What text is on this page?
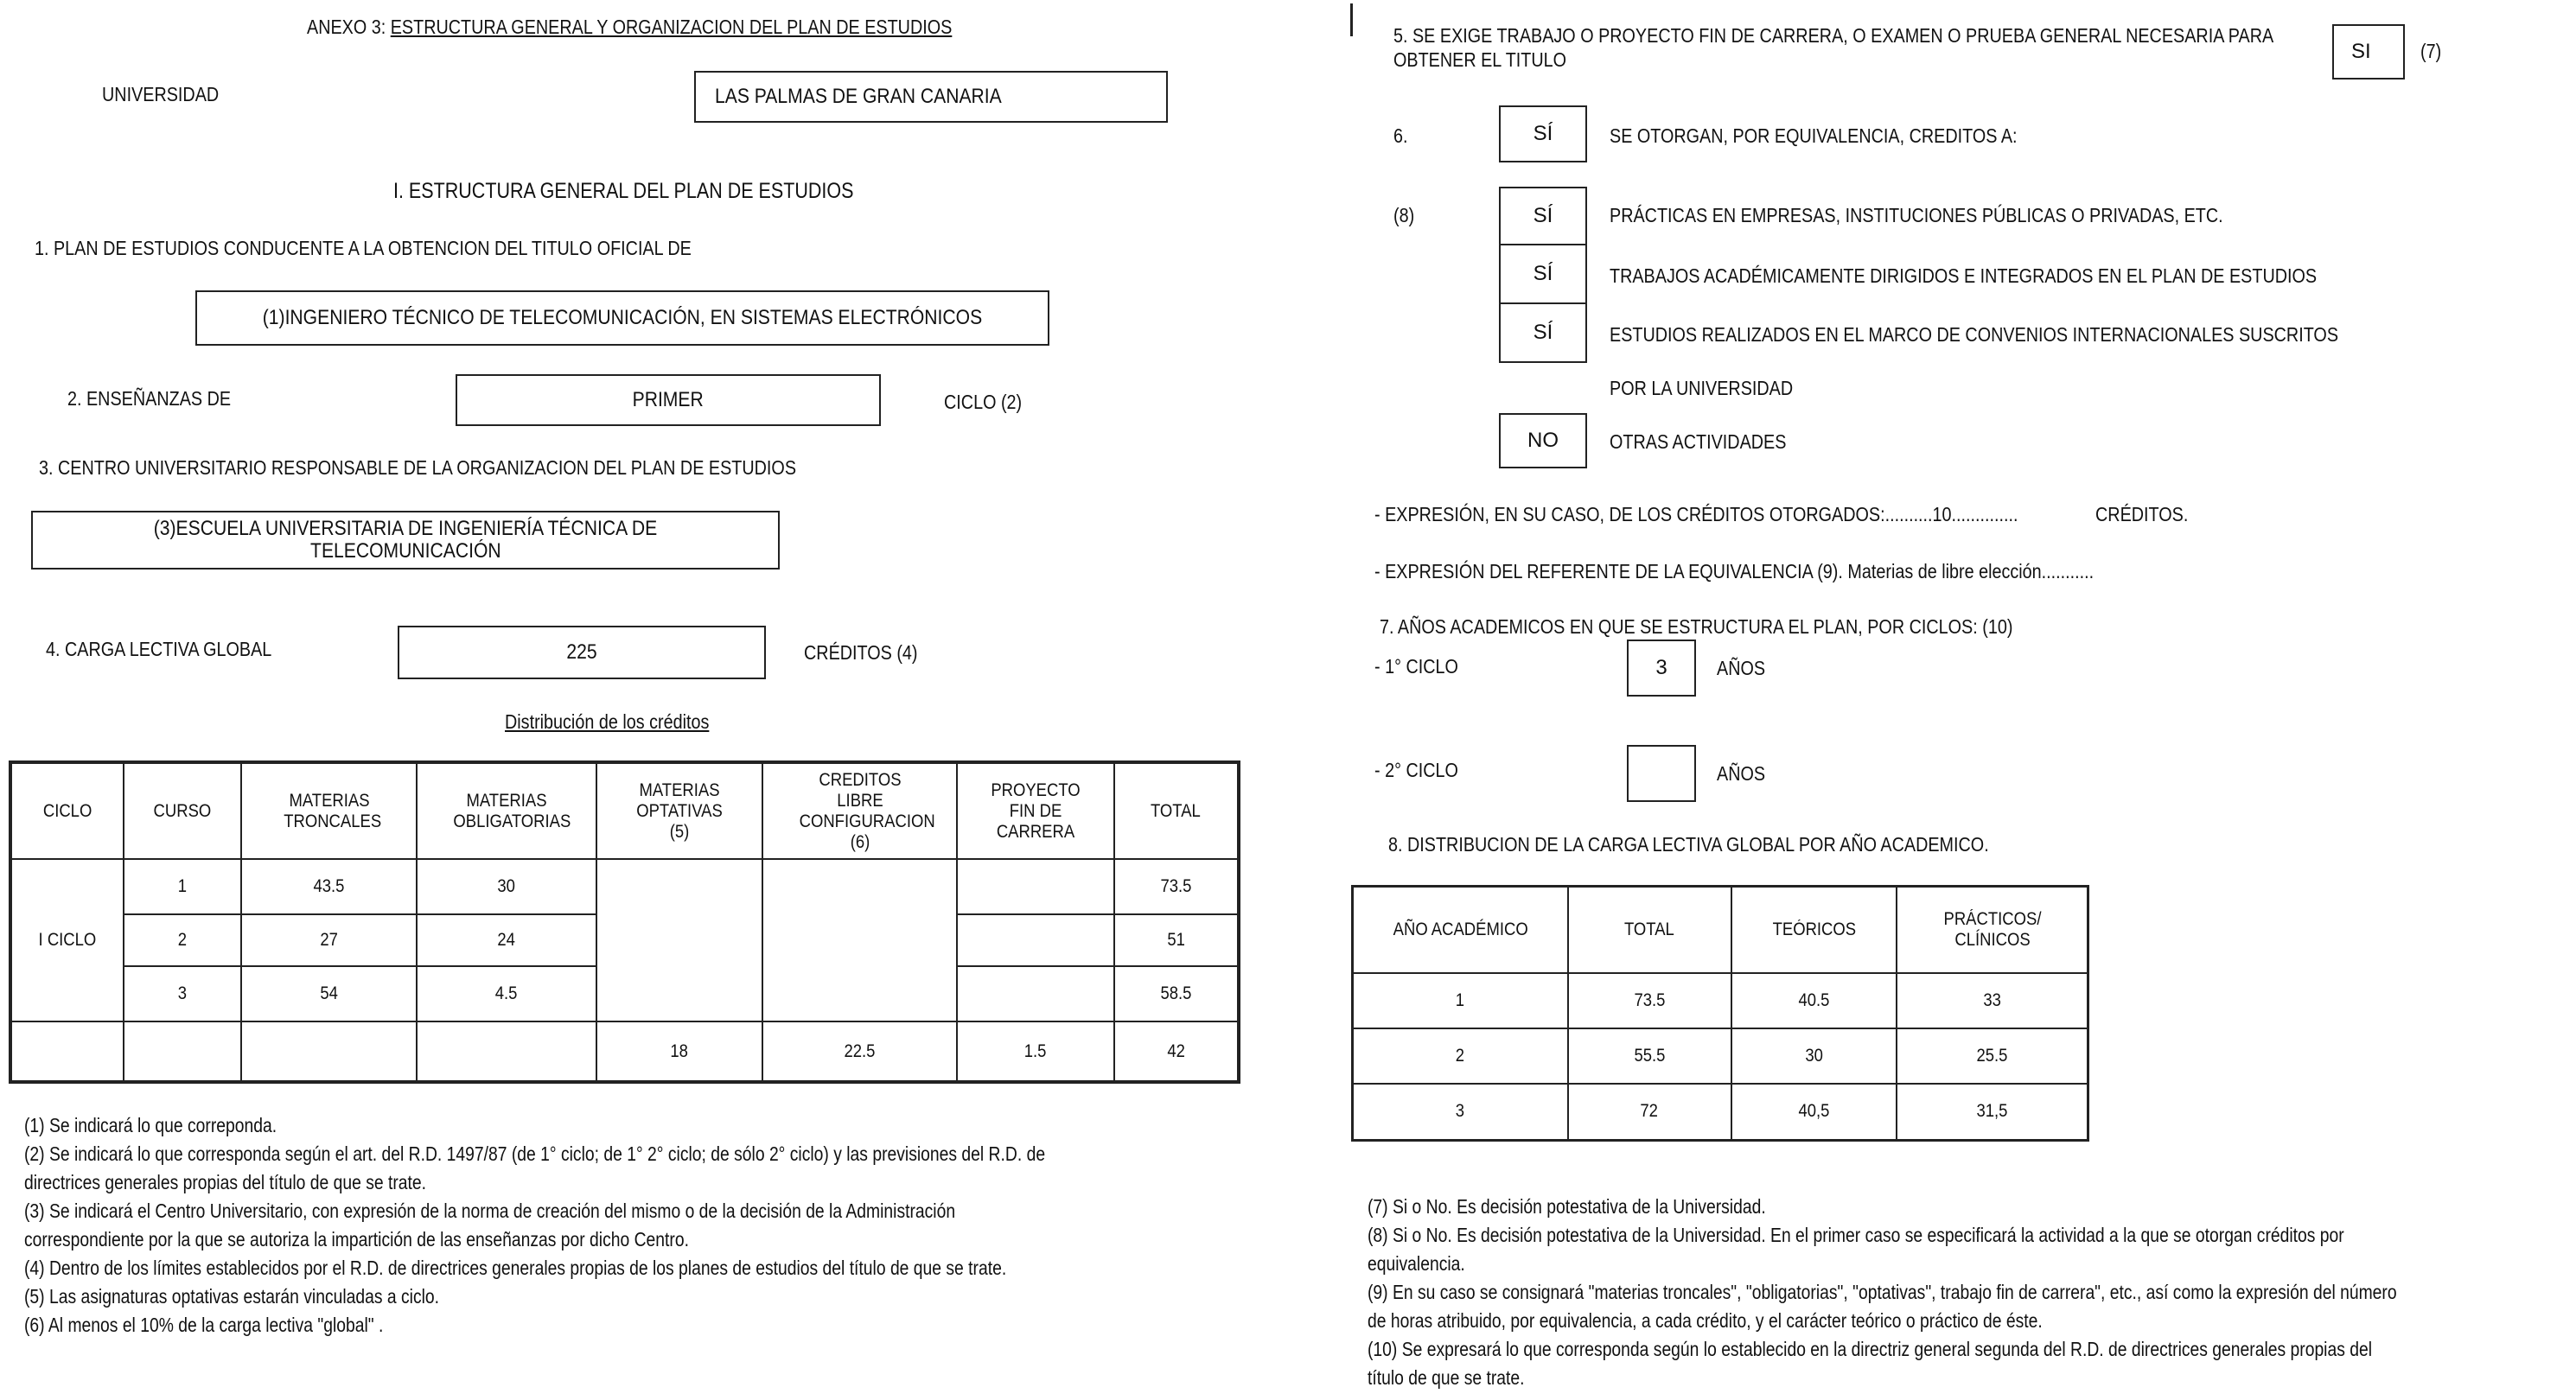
ANEXO 3: ESTRUCTURA GENERAL Y ORGANIZACION DEL PLAN DE ESTUDIOS
UNIVERSIDAD	LAS PALMAS DE GRAN CANARIA
I. ESTRUCTURA GENERAL DEL PLAN DE ESTUDIOS
1. PLAN DE ESTUDIOS CONDUCENTE A LA OBTENCION DEL TITULO OFICIAL DE
(1)INGENIERO TÉCNICO DE TELECOMUNICACIÓN, EN SISTEMAS ELECTRÓNICOS
2. ENSEÑANZAS DE	PRIMER	CICLO (2)
3. CENTRO UNIVERSITARIO RESPONSABLE DE LA ORGANIZACION DEL PLAN DE ESTUDIOS
(3)ESCUELA UNIVERSITARIA DE INGENIERÍA TÉCNICA DE
TELECOMUNICACIÓN
4. CARGA LECTIVA GLOBAL	225	CRÉDITOS (4)
Distribución de los créditos
CICLO	CURSO	MATERIAS TRONCALES	MATERIAS OBLIGATORIAS	MATERIAS OPTATIVAS (5)	CREDITOS LIBRE CONFIGURACION (6)	PROYECTO FIN DE CARRERA	TOTAL
I CICLO	1	43.5	30				73.5
	2	27	24				51
	3	54	4.5				58.5
				18	22.5	1.5	42
(1) Se indicará lo que correponda.
(2) Se indicará lo que corresponda según el art. del R.D. 1497/87 (de 1° ciclo; de 1° 2° ciclo; de sólo 2° ciclo) y las previsiones del R.D. de
directrices generales propias del título de que se trate.
(3) Se indicará el Centro Universitario, con expresión de la norma de creación del mismo o de la decisión de la Administración
correspondiente por la que se autoriza la impartición de las enseñanzas por dicho Centro.
(4) Dentro de los límites establecidos por el R.D. de directrices generales propias de los planes de estudios del título de que se trate.
(5) Las asignaturas optativas estarán vinculadas a ciclo.
(6) Al menos el 10% de la carga lectiva "global" .
5. SE EXIGE TRABAJO O PROYECTO FIN DE CARRERA, O EXAMEN O PRUEBA GENERAL NECESARIA PARA
OBTENER EL TITULO	SI (7)
6.	SÍ	SE OTORGAN, POR EQUIVALENCIA, CREDITOS A:
(8)	SÍ	PRÁCTICAS EN EMPRESAS, INSTITUCIONES PÚBLICAS O PRIVADAS, ETC.
SÍ	TRABAJOS ACADÉMICAMENTE DIRIGIDOS E INTEGRADOS EN EL PLAN DE ESTUDIOS
SÍ	ESTUDIOS REALIZADOS EN EL MARCO DE CONVENIOS INTERNACIONALES SUSCRITOS
POR LA UNIVERSIDAD
NO	OTRAS ACTIVIDADES
- EXPRESIÓN, EN SU CASO, DE LOS CRÉDITOS OTORGADOS:..........10..............	CRÉDITOS.
- EXPRESIÓN DEL REFERENTE DE LA EQUIVALENCIA (9). Materias de libre elección...........
7. AÑOS ACADEMICOS EN QUE SE ESTRUCTURA EL PLAN, POR CICLOS: (10)
- 1° CICLO	3 AÑOS
- 2° CICLO	AÑOS
8. DISTRIBUCION DE LA CARGA LECTIVA GLOBAL POR AÑO ACADEMICO.
AÑO ACADÉMICO	TOTAL	TEÓRICOS	PRÁCTICOS/ CLÍNICOS
1	73.5	40.5	33
2	55.5	30	25.5
3	72	40,5	31,5
(7) Si o No. Es decisión potestativa de la Universidad.
(8) Si o No. Es decisión potestativa de la Universidad. En el primer caso se especificará la actividad a la que se otorgan créditos por
equivalencia.
(9) En su caso se consignará "materias troncales", "obligatorias", "optativas", trabajo fin de carrera", etc., así como la expresión del número
de horas atribuido, por equivalencia, a cada crédito, y el carácter teórico o práctico de éste.
(10) Se expresará lo que corresponda según lo establecido en la directriz general segunda del R.D. de directrices generales propias del
título de que se trate.
